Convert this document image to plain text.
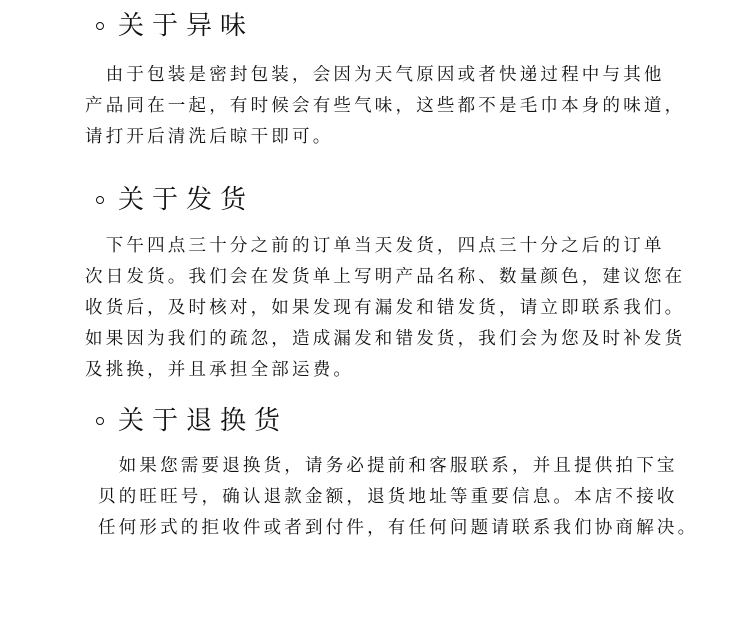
关于异味

　由于包装是密封包装，会因为天气原因或者快递过程中与其他
产品同在一起，有时候会有些气味，这些都不是毛巾本身的味道，
请打开后清洗后晾干即可。

关于发货

　下午四点三十分之前的订单当天发货，四点三十分之后的订单
次日发货。我们会在发货单上写明产品名称、数量颜色，建议您在
收货后，及时核对，如果发现有漏发和错发货，请立即联系我们。
如果因为我们的疏忽，造成漏发和错发货，我们会为您及时补发货
及挑换，并且承担全部运费。

关于退换货

　如果您需要退换货，请务必提前和客服联系，并且提供拍下宝
贝的旺旺号，确认退款金额，退货地址等重要信息。本店不接收
任何形式的拒收件或者到付件，有任何问题请联系我们协商解决。
